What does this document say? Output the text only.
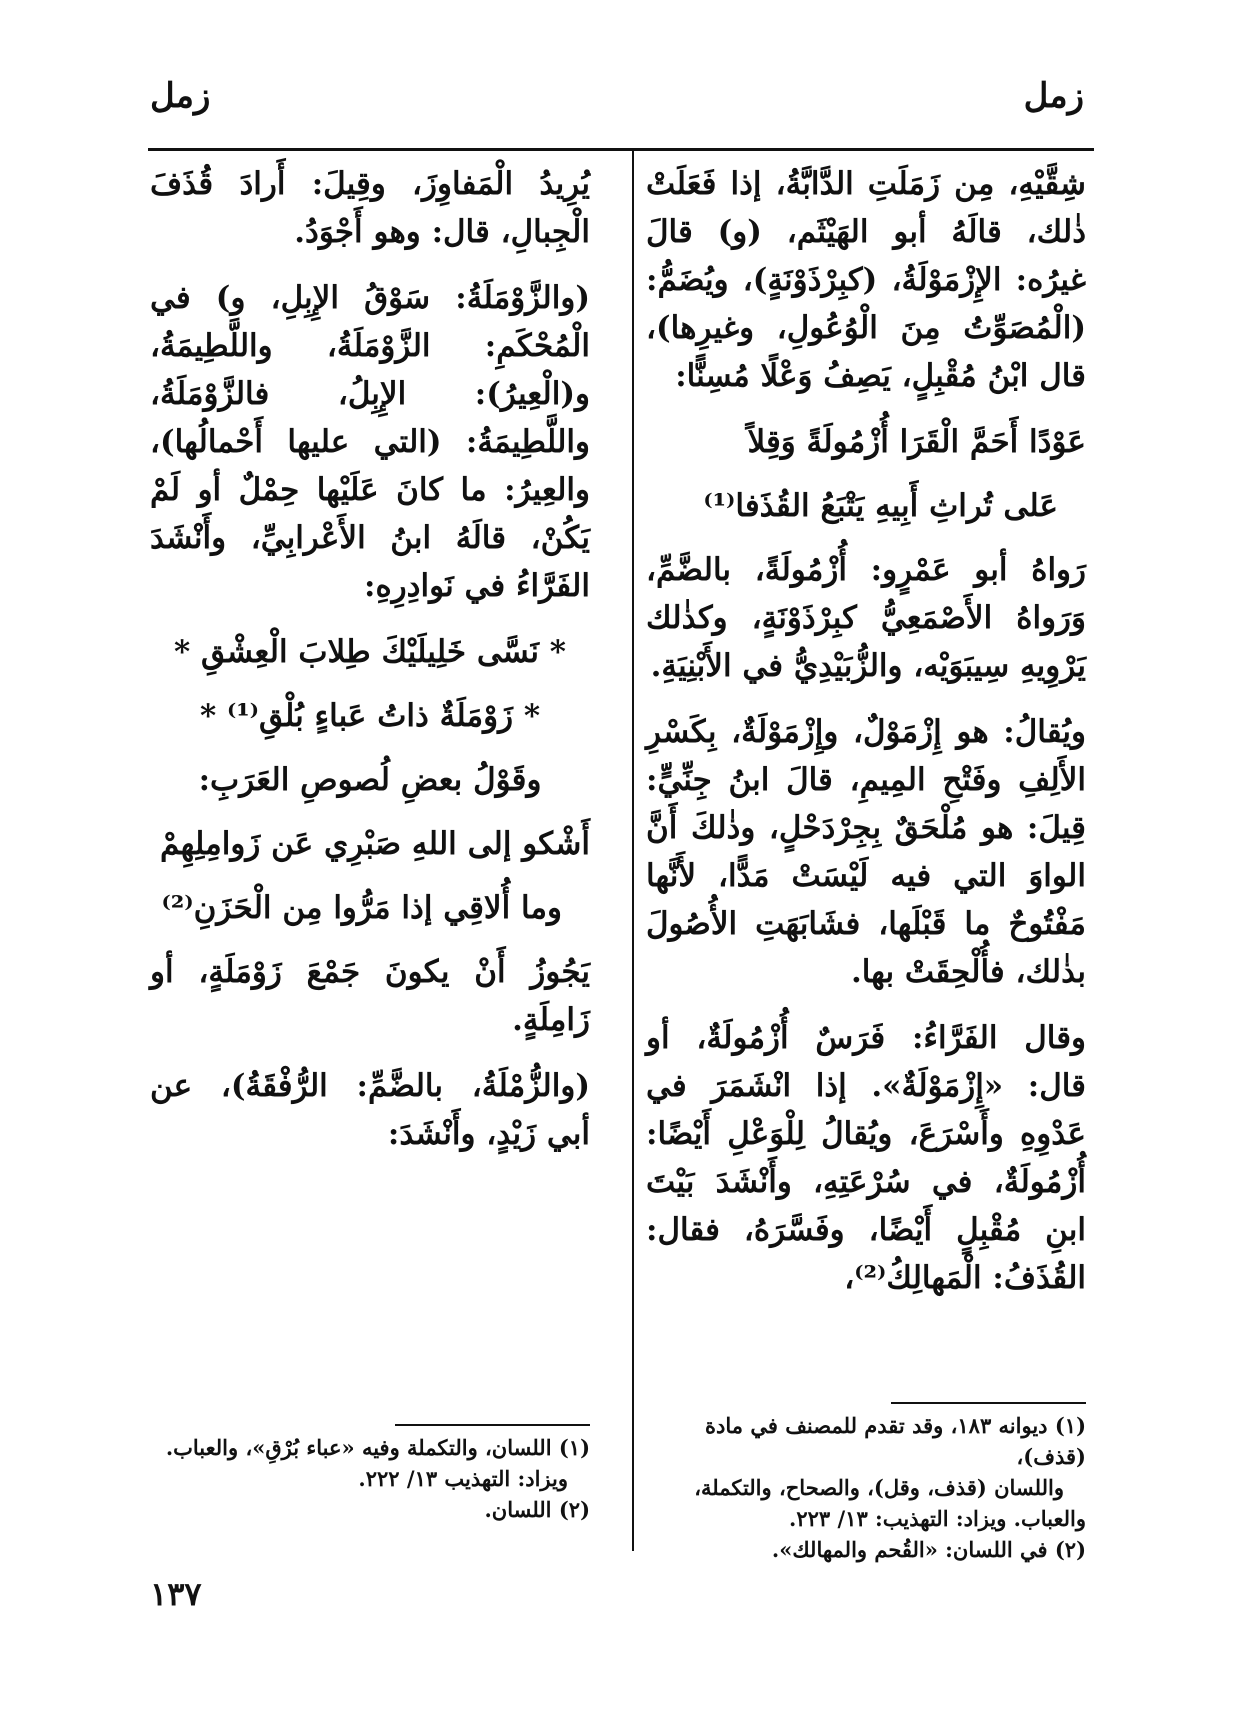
زمل
زمل

شِقَّيْهِ، مِن زَمَلَتِ الدَّابَّةُ، إذا فَعَلَتْ ذٰلك، قالَهُ أبو الهَيْثَم، (و) قالَ غيرُه: الإِزْمَوْلَةُ، (كبِرْذَوْنَةٍ)، ويُضَمُّ: (الْمُصَوِّتُ مِنَ الْوُعُولِ، وغيرِها)، قال ابْنُ مُقْبِلٍ، يَصِفُ وَعْلًا مُسِنًّا:

عَوْدًا أَحَمَّ الْقَرَا أُزْمُولَةً وَقِلاً
عَلى تُراثِ أَبِيهِ يَتْبَعُ القُذَفا⁽¹⁾

رَواهُ أبو عَمْرٍو: أُزْمُولَةً، بالضَّمِّ، وَرَواهُ الأَصْمَعِيُّ كبِرْذَوْنَةٍ، وكذٰلك يَرْوِيهِ سِيبَوَيْه، والزُّبَيْدِيُّ في الأَبْنِيَةِ.

ويُقالُ: هو إِزْمَوْلٌ، وإِزْمَوْلَةٌ، بِكَسْرِ الأَلِفِ وفَتْحِ المِيمِ، قالَ ابنُ جِنِّيٍّ: قِيلَ: هو مُلْحَقٌ بِجِرْدَحْلٍ، وذٰلكَ أَنَّ الواوَ التي فيه لَيْسَتْ مَدًّا، لأَنَّها مَفْتُوحٌ ما قَبْلَها، فشَابَهَتِ الأُصُولَ بذٰلك، فأُلْحِقَتْ بها.

وقال الفَرَّاءُ: فَرَسٌ أُزْمُولَةٌ، أو قال: «إِزْمَوْلَةٌ». إذا انْشَمَرَ في عَدْوِهِ وأَسْرَعَ، ويُقالُ لِلْوَعْلِ أَيْضًا: أُزْمُولَةٌ، في سُرْعَتِهِ، وأَنْشَدَ بَيْتَ ابنِ مُقْبِلٍ أَيْضًا، وفَسَّرَهُ، فقال: القُذَفُ: الْمَهالِكُ⁽²⁾،

يُرِيدُ الْمَفاوِزَ، وقِيلَ: أَرادَ قُذَفَ الْجِبالِ، قال: وهو أَجْوَدُ.

(والزَّوْمَلَةُ: سَوْقُ الإِبِلِ، و) في الْمُحْكَمِ: الزَّوْمَلَةُ، واللَّطِيمَةُ، و(الْعِيرُ): الإِبِلُ، فالزَّوْمَلَةُ، واللَّطِيمَةُ: (التي عليها أَحْمالُها)، والعِيرُ: ما كانَ عَلَيْها حِمْلٌ أو لَمْ يَكُنْ، قالَهُ ابنُ الأَعْرابِيِّ، وأَنْشَدَ الفَرَّاءُ في نَوادِرِهِ:

* نَسَّى خَلِيلَيْكَ طِلابَ الْعِشْقِ *
* زَوْمَلَةٌ ذاتُ عَباءٍ بُلْقِ⁽¹⁾ *
وقَوْلُ بعضِ لُصوصِ العَرَبِ:
أَشْكو إلى اللهِ صَبْرِي عَن زَوامِلِهِمْ
وما أُلاقِي إذا مَرُّوا مِن الْحَزَنِ⁽²⁾

يَجُوزُ أَنْ يكونَ جَمْعَ زَوْمَلَةٍ، أو زَامِلَةٍ.

(والزُّمْلَةُ، بالضَّمِّ: الرُّفْقَةُ)، عن أبي زَيْدٍ، وأَنْشَدَ:

(١) ديوانه ١٨٣، وقد تقدم للمصنف في مادة (قذف)،
واللسان (قذف، وقل)، والصحاح، والتكملة،
والعباب. ويزاد: التهذيب: ١٣/ ٢٢٣.
(٢) في اللسان: «القُحم والمهالك».
(١) اللسان، والتكملة وفيه «عباء بُرْقِ»، والعباب.
ويزاد: التهذيب ١٣/ ٢٢٢.
(٢) اللسان.
١٣٧
